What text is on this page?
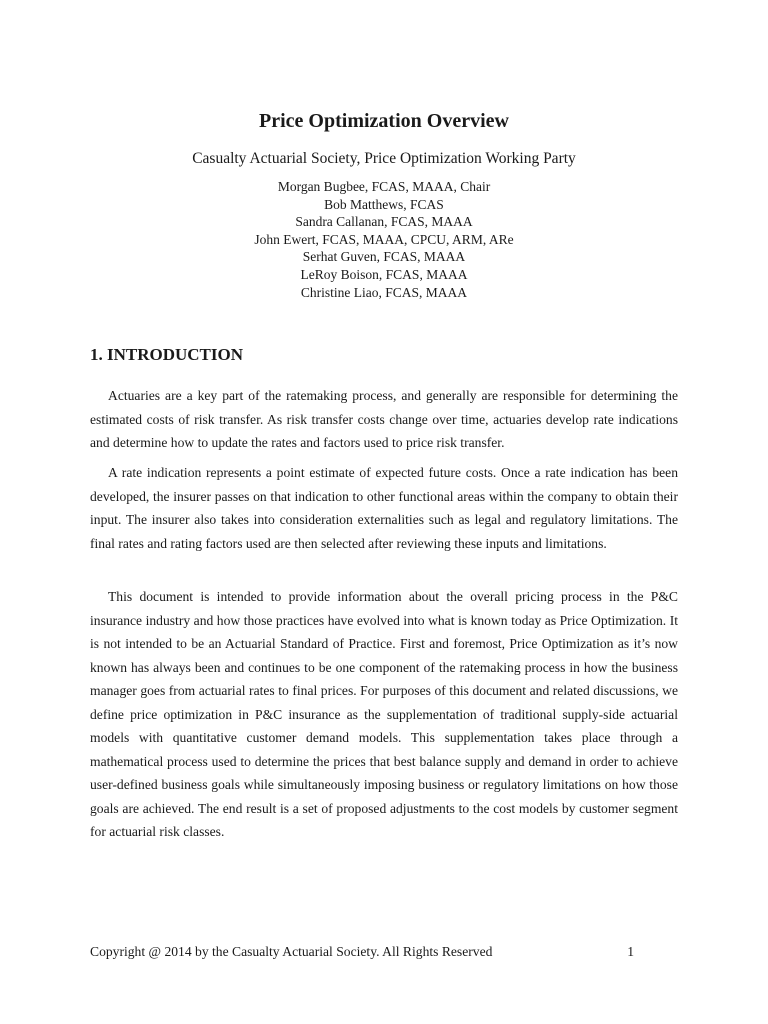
Price Optimization Overview

Casualty Actuarial Society, Price Optimization Working Party

Morgan Bugbee, FCAS, MAAA, Chair
Bob Matthews, FCAS
Sandra Callanan, FCAS, MAAA
John Ewert, FCAS, MAAA, CPCU, ARM, ARe
Serhat Guven, FCAS, MAAA
LeRoy Boison, FCAS, MAAA
Christine Liao, FCAS, MAAA
1. INTRODUCTION

Actuaries are a key part of the ratemaking process, and generally are responsible for determining the estimated costs of risk transfer. As risk transfer costs change over time, actuaries develop rate indications and determine how to update the rates and factors used to price risk transfer.

A rate indication represents a point estimate of expected future costs. Once a rate indication has been developed, the insurer passes on that indication to other functional areas within the company to obtain their input. The insurer also takes into consideration externalities such as legal and regulatory limitations. The final rates and rating factors used are then selected after reviewing these inputs and limitations.

This document is intended to provide information about the overall pricing process in the P&C insurance industry and how those practices have evolved into what is known today as Price Optimization. It is not intended to be an Actuarial Standard of Practice. First and foremost, Price Optimization as it’s now known has always been and continues to be one component of the ratemaking process in how the business manager goes from actuarial rates to final prices. For purposes of this document and related discussions, we define price optimization in P&C insurance as the supplementation of traditional supply-side actuarial models with quantitative customer demand models. This supplementation takes place through a mathematical process used to determine the prices that best balance supply and demand in order to achieve user-defined business goals while simultaneously imposing business or regulatory limitations on how those goals are achieved. The end result is a set of proposed adjustments to the cost models by customer segment for actuarial risk classes.

Copyright @ 2014 by the Casualty Actuarial Society. All Rights Reserved	1
